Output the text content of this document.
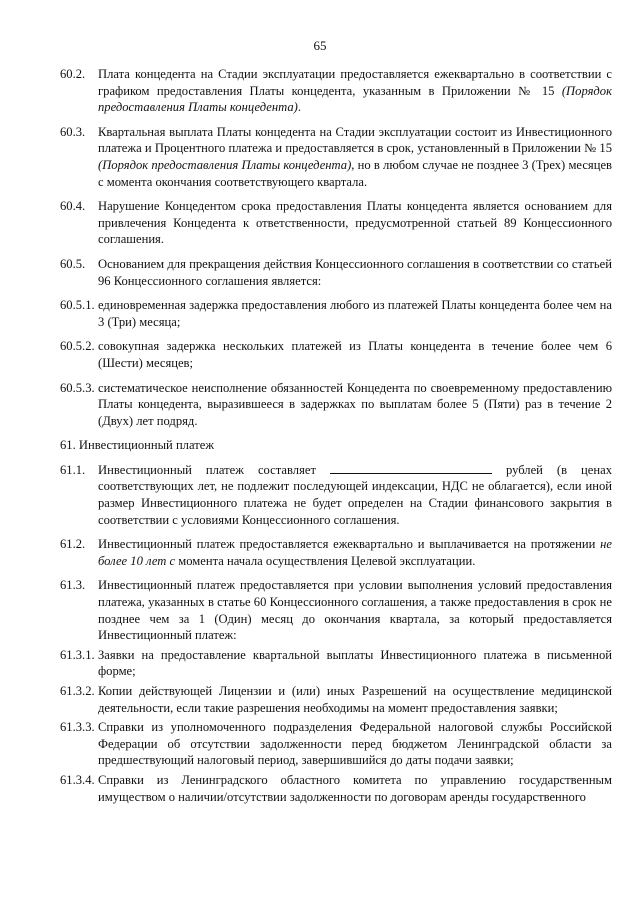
65
60.2.	Плата концедента на Стадии эксплуатации предоставляется ежеквартально в соответствии с графиком предоставления Платы концедента, указанным в Приложении № 15 (Порядок предоставления Платы концедента).
60.3.	Квартальная выплата Платы концедента на Стадии эксплуатации состоит из Инвестиционного платежа и Процентного платежа и предоставляется в срок, установленный в Приложении № 15 (Порядок предоставления Платы концедента), но в любом случае не позднее 3 (Трех) месяцев с момента окончания соответствующего квартала.
60.4.	Нарушение Концедентом срока предоставления Платы концедента является основанием для привлечения Концедента к ответственности, предусмотренной статьей 89 Концессионного соглашения.
60.5.	Основанием для прекращения действия Концессионного соглашения в соответствии со статьей 96 Концессионного соглашения является:
60.5.1. единовременная задержка предоставления любого из платежей Платы концедента более чем на 3 (Три) месяца;
60.5.2. совокупная задержка нескольких платежей из Платы концедента в течение более чем 6 (Шести) месяцев;
60.5.3. систематическое неисполнение обязанностей Концедента по своевременному предоставлению Платы концедента, выразившееся в задержках по выплатам более 5 (Пяти) раз в течение 2 (Двух) лет подряд.
61. Инвестиционный платеж
61.1.	Инвестиционный платеж составляет	рублей (в ценах соответствующих лет, не подлежит последующей индексации, НДС не облагается), если иной размер Инвестиционного платежа не будет определен на Стадии финансового закрытия в соответствии с условиями Концессионного соглашения.
61.2.	Инвестиционный платеж предоставляется ежеквартально и выплачивается на протяжении не более 10 лет с момента начала осуществления Целевой эксплуатации.
61.3.	Инвестиционный платеж предоставляется при условии выполнения условий предоставления платежа, указанных в статье 60 Концессионного соглашения, а также предоставления в срок не позднее чем за 1 (Один) месяц до окончания квартала, за который предоставляется Инвестиционный платеж:
61.3.1. Заявки на предоставление квартальной выплаты Инвестиционного платежа в письменной форме;
61.3.2. Копии действующей Лицензии и (или) иных Разрешений на осуществление медицинской деятельности, если такие разрешения необходимы на момент предоставления заявки;
61.3.3. Справки из уполномоченного подразделения Федеральной налоговой службы Российской Федерации об отсутствии задолженности перед бюджетом Ленинградской области за предшествующий налоговый период, завершившийся до даты подачи заявки;
61.3.4. Справки из Ленинградского областного комитета по управлению государственным имуществом о наличии/отсутствии задолженности по договорам аренды государственного
